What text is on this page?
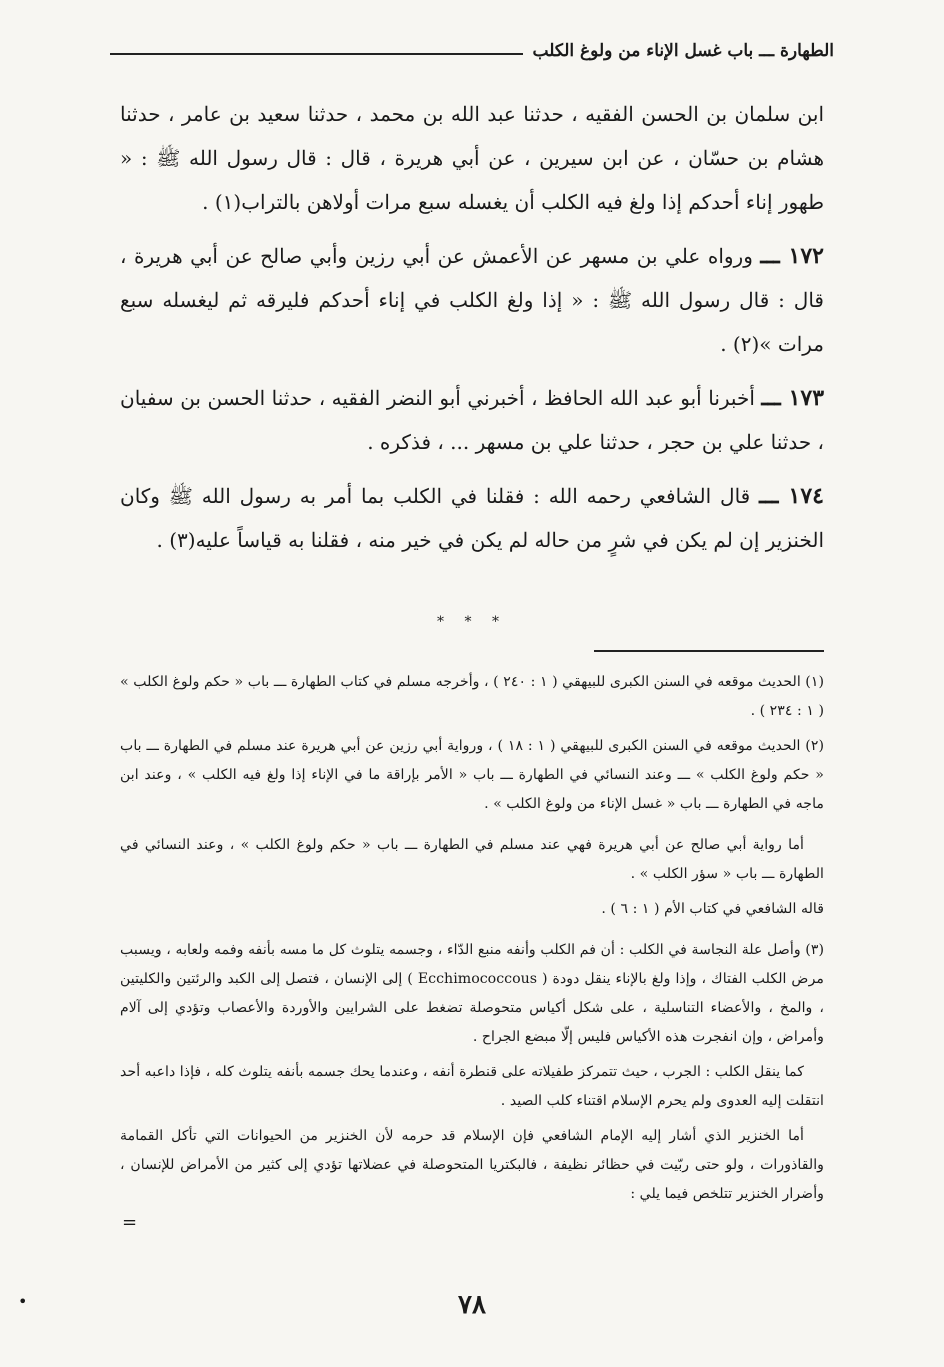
الطهارة ـــ باب غسل الإناء من ولوغ الكلب

ابن سلمان بن الحسن الفقيه ، حدثنا عبد الله بن محمد ، حدثنا سعيد بن عامر ، حدثنا هشام بن حسّان ، عن ابن سيرين ، عن أبي هريرة ، قال : قال رسول الله ﷺ : « طهور إناء أحدكم إذا ولغ فيه الكلب أن يغسله سبع مرات أولاهن بالتراب(١) .

١٧٢ ـــ ورواه علي بن مسهر عن الأعمش عن أبي رزين وأبي صالح عن أبي هريرة ، قال : قال رسول الله ﷺ : « إذا ولغ الكلب في إناء أحدكم فليرقه ثم ليغسله سبع مرات »(٢) .

١٧٣ ـــ أخبرنا أبو عبد الله الحافظ ، أخبرني أبو النضر الفقيه ، حدثنا الحسن بن سفيان ، حدثنا علي بن حجر ، حدثنا علي بن مسهر ... ، فذكره .

١٧٤ ـــ قال الشافعي رحمه الله : فقلنا في الكلب بما أمر به رسول الله ﷺ وكان الخنزير إن لم يكن في شرٍ من حاله لم يكن في خير منه ، فقلنا به قياساً عليه(٣) .

* * *

(١) الحديث موقعه في السنن الكبرى للبيهقي ( ١ : ٢٤٠ ) ، وأخرجه مسلم في كتاب الطهارة ـــ باب « حكم ولوغ الكلب » ( ١ : ٢٣٤ ) .

(٢) الحديث موقعه في السنن الكبرى للبيهقي ( ١ : ١٨ ) ، ورواية أبي رزين عن أبي هريرة عند مسلم في الطهارة ـــ باب « حكم ولوغ الكلب » ـــ وعند النسائي في الطهارة ـــ باب « الأمر بإراقة ما في الإناء إذا ولغ فيه الكلب » ، وعند ابن ماجه في الطهارة ـــ باب « غسل الإناء من ولوغ الكلب » .

أما رواية أبي صالح عن أبي هريرة فهي عند مسلم في الطهارة ـــ باب « حكم ولوغ الكلب » ، وعند النسائي في الطهارة ـــ باب « سؤر الكلب » .

قاله الشافعي في كتاب الأم ( ١ : ٦ ) .

(٣) وأصل علة النجاسة في الكلب : أن فم الكلب وأنفه منبع الدّاء ، وجسمه يتلوث كل ما مسه بأنفه وفمه ولعابه ، ويسبب مرض الكلب الفتاك ، وإذا ولغ بالإناء ينقل دودة ( Ecchimococcous ) إلى الإنسان ، فتصل إلى الكبد والرئتين والكليتين ، والمخ ، والأعضاء التناسلية ، على شكل أكياس متحوصلة تضغط على الشرايين والأوردة والأعصاب وتؤدي إلى آلام وأمراض ، وإن انفجرت هذه الأكياس فليس إلّا مبضع الجراح .

كما ينقل الكلب : الجرب ، حيث تتمركز طفيلاته على قنطرة أنفه ، وعندما يحك جسمه بأنفه يتلوث كله ، فإذا داعبه أحد انتقلت إليه العدوى ولم يحرم الإسلام اقتناء كلب الصيد .

أما الخنزير الذي أشار إليه الإمام الشافعي فإن الإسلام قد حرمه لأن الخنزير من الحيوانات التي تأكل القمامة والقاذورات ، ولو حتى ربّيت في حظائر نظيفة ، فالبكتريا المتحوصلة في عضلاتها تؤدي إلى كثير من الأمراض للإنسان ، وأضرار الخنزير تتلخص فيما يلي :

=
•	٧٨
